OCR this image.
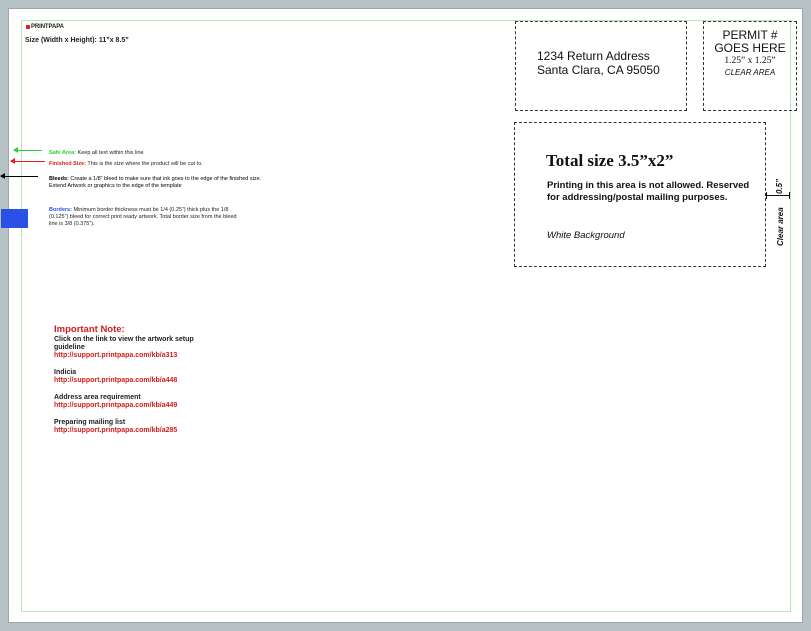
PRINTPAPA
Size (Width x Height): 11”x 8.5”
Safe Area: Keep all text within this line
Finished Size: This is the size where the product will be cut to.
Bleeds: Create a 1/8” bleed to make sure that ink goes to the edge of the finished size. Extend Artwork or graphics to the edge of the template
Borders: Minimum border thickness must be 1/4 (0.25”) thick plus the 1/8 (0.125”) bleed for correct print ready artwork. Total border size from the bleed line is 3/8 (0.375”).
Important Note:
Click on the link to view the artwork setup guideline
http://support.printpapa.com/kb/a313
Indicia
http://support.printpapa.com/kb/a448
Address area requirement
http://support.printpapa.com/kb/a449
Preparing mailing list
http://support.printpapa.com/kb/a285
1234 Return Address
Santa Clara, CA 95050
PERMIT #
GOES HERE
1.25” x 1.25”
CLEAR AREA
Total size 3.5”x2”
Printing in this area is not allowed. Reserved for addressing/postal mailing purposes.
White Background
0.5”
Clear area
